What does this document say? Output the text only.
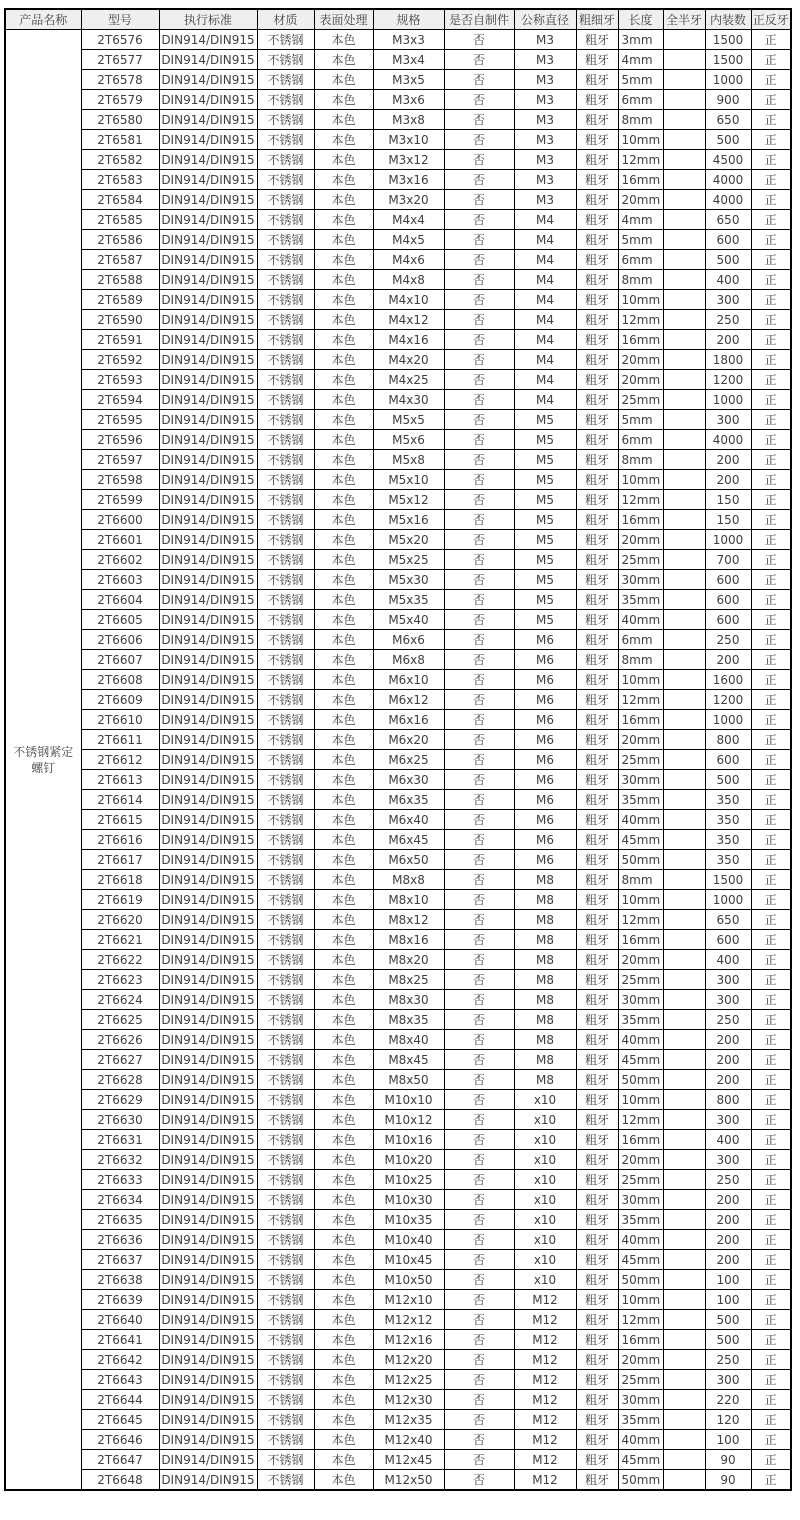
产品名称	型号	执行标准	材质	表面处理	规格	是否自制件	公称直径	粗细牙	长度	全半牙	内装数	正反牙
不锈钢紧定螺钉	2T6576	DIN914/DIN915	不锈钢	本色	M3x3	否	M3	粗牙	3mm		1500	正
	2T6577	DIN914/DIN915	不锈钢	本色	M3x4	否	M3	粗牙	4mm		1500	正
	2T6578	DIN914/DIN915	不锈钢	本色	M3x5	否	M3	粗牙	5mm		1000	正
	2T6579	DIN914/DIN915	不锈钢	本色	M3x6	否	M3	粗牙	6mm		900	正
	2T6580	DIN914/DIN915	不锈钢	本色	M3x8	否	M3	粗牙	8mm		650	正
	2T6581	DIN914/DIN915	不锈钢	本色	M3x10	否	M3	粗牙	10mm		500	正
	2T6582	DIN914/DIN915	不锈钢	本色	M3x12	否	M3	粗牙	12mm		4500	正
	2T6583	DIN914/DIN915	不锈钢	本色	M3x16	否	M3	粗牙	16mm		4000	正
	2T6584	DIN914/DIN915	不锈钢	本色	M3x20	否	M3	粗牙	20mm		4000	正
	2T6585	DIN914/DIN915	不锈钢	本色	M4x4	否	M4	粗牙	4mm		650	正
	2T6586	DIN914/DIN915	不锈钢	本色	M4x5	否	M4	粗牙	5mm		600	正
	2T6587	DIN914/DIN915	不锈钢	本色	M4x6	否	M4	粗牙	6mm		500	正
	2T6588	DIN914/DIN915	不锈钢	本色	M4x8	否	M4	粗牙	8mm		400	正
	2T6589	DIN914/DIN915	不锈钢	本色	M4x10	否	M4	粗牙	10mm		300	正
	2T6590	DIN914/DIN915	不锈钢	本色	M4x12	否	M4	粗牙	12mm		250	正
	2T6591	DIN914/DIN915	不锈钢	本色	M4x16	否	M4	粗牙	16mm		200	正
	2T6592	DIN914/DIN915	不锈钢	本色	M4x20	否	M4	粗牙	20mm		1800	正
	2T6593	DIN914/DIN915	不锈钢	本色	M4x25	否	M4	粗牙	20mm		1200	正
	2T6594	DIN914/DIN915	不锈钢	本色	M4x30	否	M4	粗牙	25mm		1000	正
	2T6595	DIN914/DIN915	不锈钢	本色	M5x5	否	M5	粗牙	5mm		300	正
	2T6596	DIN914/DIN915	不锈钢	本色	M5x6	否	M5	粗牙	6mm		4000	正
	2T6597	DIN914/DIN915	不锈钢	本色	M5x8	否	M5	粗牙	8mm		200	正
	2T6598	DIN914/DIN915	不锈钢	本色	M5x10	否	M5	粗牙	10mm		200	正
	2T6599	DIN914/DIN915	不锈钢	本色	M5x12	否	M5	粗牙	12mm		150	正
	2T6600	DIN914/DIN915	不锈钢	本色	M5x16	否	M5	粗牙	16mm		150	正
	2T6601	DIN914/DIN915	不锈钢	本色	M5x20	否	M5	粗牙	20mm		1000	正
	2T6602	DIN914/DIN915	不锈钢	本色	M5x25	否	M5	粗牙	25mm		700	正
	2T6603	DIN914/DIN915	不锈钢	本色	M5x30	否	M5	粗牙	30mm		600	正
	2T6604	DIN914/DIN915	不锈钢	本色	M5x35	否	M5	粗牙	35mm		600	正
	2T6605	DIN914/DIN915	不锈钢	本色	M5x40	否	M5	粗牙	40mm		600	正
	2T6606	DIN914/DIN915	不锈钢	本色	M6x6	否	M6	粗牙	6mm		250	正
	2T6607	DIN914/DIN915	不锈钢	本色	M6x8	否	M6	粗牙	8mm		200	正
	2T6608	DIN914/DIN915	不锈钢	本色	M6x10	否	M6	粗牙	10mm		1600	正
	2T6609	DIN914/DIN915	不锈钢	本色	M6x12	否	M6	粗牙	12mm		1200	正
	2T6610	DIN914/DIN915	不锈钢	本色	M6x16	否	M6	粗牙	16mm		1000	正
	2T6611	DIN914/DIN915	不锈钢	本色	M6x20	否	M6	粗牙	20mm		800	正
	2T6612	DIN914/DIN915	不锈钢	本色	M6x25	否	M6	粗牙	25mm		600	正
	2T6613	DIN914/DIN915	不锈钢	本色	M6x30	否	M6	粗牙	30mm		500	正
	2T6614	DIN914/DIN915	不锈钢	本色	M6x35	否	M6	粗牙	35mm		350	正
	2T6615	DIN914/DIN915	不锈钢	本色	M6x40	否	M6	粗牙	40mm		350	正
	2T6616	DIN914/DIN915	不锈钢	本色	M6x45	否	M6	粗牙	45mm		350	正
	2T6617	DIN914/DIN915	不锈钢	本色	M6x50	否	M6	粗牙	50mm		350	正
	2T6618	DIN914/DIN915	不锈钢	本色	M8x8	否	M8	粗牙	8mm		1500	正
	2T6619	DIN914/DIN915	不锈钢	本色	M8x10	否	M8	粗牙	10mm		1000	正
	2T6620	DIN914/DIN915	不锈钢	本色	M8x12	否	M8	粗牙	12mm		650	正
	2T6621	DIN914/DIN915	不锈钢	本色	M8x16	否	M8	粗牙	16mm		600	正
	2T6622	DIN914/DIN915	不锈钢	本色	M8x20	否	M8	粗牙	20mm		400	正
	2T6623	DIN914/DIN915	不锈钢	本色	M8x25	否	M8	粗牙	25mm		300	正
	2T6624	DIN914/DIN915	不锈钢	本色	M8x30	否	M8	粗牙	30mm		300	正
	2T6625	DIN914/DIN915	不锈钢	本色	M8x35	否	M8	粗牙	35mm		250	正
	2T6626	DIN914/DIN915	不锈钢	本色	M8x40	否	M8	粗牙	40mm		200	正
	2T6627	DIN914/DIN915	不锈钢	本色	M8x45	否	M8	粗牙	45mm		200	正
	2T6628	DIN914/DIN915	不锈钢	本色	M8x50	否	M8	粗牙	50mm		200	正
	2T6629	DIN914/DIN915	不锈钢	本色	M10x10	否	x10	粗牙	10mm		800	正
	2T6630	DIN914/DIN915	不锈钢	本色	M10x12	否	x10	粗牙	12mm		300	正
	2T6631	DIN914/DIN915	不锈钢	本色	M10x16	否	x10	粗牙	16mm		400	正
	2T6632	DIN914/DIN915	不锈钢	本色	M10x20	否	x10	粗牙	20mm		300	正
	2T6633	DIN914/DIN915	不锈钢	本色	M10x25	否	x10	粗牙	25mm		250	正
	2T6634	DIN914/DIN915	不锈钢	本色	M10x30	否	x10	粗牙	30mm		200	正
	2T6635	DIN914/DIN915	不锈钢	本色	M10x35	否	x10	粗牙	35mm		200	正
	2T6636	DIN914/DIN915	不锈钢	本色	M10x40	否	x10	粗牙	40mm		200	正
	2T6637	DIN914/DIN915	不锈钢	本色	M10x45	否	x10	粗牙	45mm		200	正
	2T6638	DIN914/DIN915	不锈钢	本色	M10x50	否	x10	粗牙	50mm		100	正
	2T6639	DIN914/DIN915	不锈钢	本色	M12x10	否	M12	粗牙	10mm		100	正
	2T6640	DIN914/DIN915	不锈钢	本色	M12x12	否	M12	粗牙	12mm		500	正
	2T6641	DIN914/DIN915	不锈钢	本色	M12x16	否	M12	粗牙	16mm		500	正
	2T6642	DIN914/DIN915	不锈钢	本色	M12x20	否	M12	粗牙	20mm		250	正
	2T6643	DIN914/DIN915	不锈钢	本色	M12x25	否	M12	粗牙	25mm		300	正
	2T6644	DIN914/DIN915	不锈钢	本色	M12x30	否	M12	粗牙	30mm		220	正
	2T6645	DIN914/DIN915	不锈钢	本色	M12x35	否	M12	粗牙	35mm		120	正
	2T6646	DIN914/DIN915	不锈钢	本色	M12x40	否	M12	粗牙	40mm		100	正
	2T6647	DIN914/DIN915	不锈钢	本色	M12x45	否	M12	粗牙	45mm		90	正
	2T6648	DIN914/DIN915	不锈钢	本色	M12x50	否	M12	粗牙	50mm		90	正
